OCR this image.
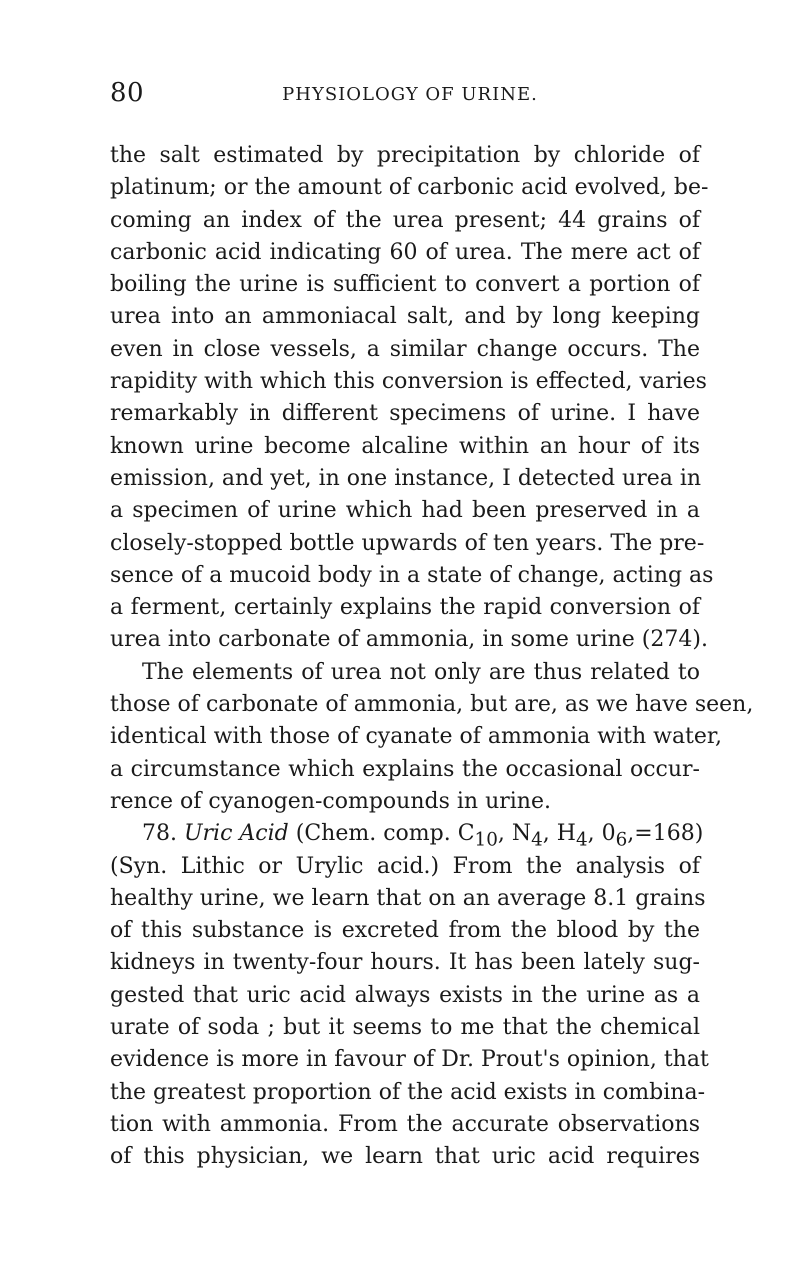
80	PHYSIOLOGY OF URINE.
the salt estimated by precipitation by chloride of
platinum; or the amount of carbonic acid evolved, be-
coming an index of the urea present; 44 grains of
carbonic acid indicating 60 of urea. The mere act of
boiling the urine is sufficient to convert a portion of
urea into an ammoniacal salt, and by long keeping
even in close vessels, a similar change occurs. The
rapidity with which this conversion is effected, varies
remarkably in different specimens of urine. I have
known urine become alcaline within an hour of its
emission, and yet, in one instance, I detected urea in
a specimen of urine which had been preserved in a
closely-stopped bottle upwards of ten years. The pre-
sence of a mucoid body in a state of change, acting as
a ferment, certainly explains the rapid conversion of
urea into carbonate of ammonia, in some urine (274).
The elements of urea not only are thus related to
those of carbonate of ammonia, but are, as we have seen,
identical with those of cyanate of ammonia with water,
a circumstance which explains the occasional occur-
rence of cyanogen-compounds in urine.
78. Uric Acid (Chem. comp. $C_{10}$, $N_4$, $H_4$, $0_6,=168$)
(Syn. Lithic or Urylic acid.) From the analysis of
healthy urine, we learn that on an average 8.1 grains
of this substance is excreted from the blood by the
kidneys in twenty-four hours. It has been lately sug-
gested that uric acid always exists in the urine as a
urate of soda ; but it seems to me that the chemical
evidence is more in favour of Dr. Prout's opinion, that
the greatest proportion of the acid exists in combina-
tion with ammonia. From the accurate observations
of this physician, we learn that uric acid requires
